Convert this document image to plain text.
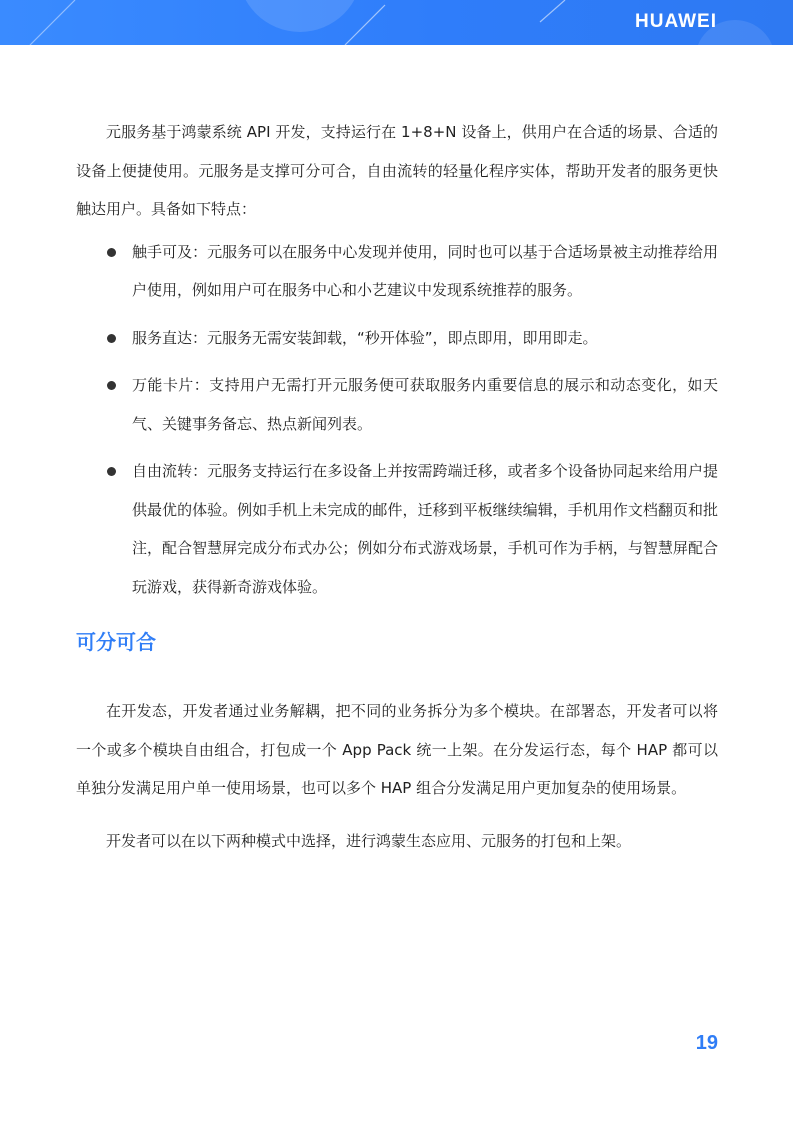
HUAWEI

元服务基于鸿蒙系统 API 开发，支持运行在 1+8+N 设备上，供用户在合适的场景、合适的设备上便捷使用。元服务是支撑可分可合，自由流转的轻量化程序实体，帮助开发者的服务更快触达用户。具备如下特点：

触手可及：元服务可以在服务中心发现并使用，同时也可以基于合适场景被主动推荐给用户使用，例如用户可在服务中心和小艺建议中发现系统推荐的服务。
服务直达：元服务无需安装卸载，“秒开体验”，即点即用，即用即走。
万能卡片：支持用户无需打开元服务便可获取服务内重要信息的展示和动态变化，如天气、关键事务备忘、热点新闻列表。
自由流转：元服务支持运行在多设备上并按需跨端迁移，或者多个设备协同起来给用户提供最优的体验。例如手机上未完成的邮件，迁移到平板继续编辑，手机用作文档翻页和批注，配合智慧屏完成分布式办公；例如分布式游戏场景，手机可作为手柄，与智慧屏配合玩游戏，获得新奇游戏体验。
可分可合

在开发态，开发者通过业务解耦，把不同的业务拆分为多个模块。在部署态，开发者可以将一个或多个模块自由组合，打包成一个 App Pack 统一上架。在分发运行态，每个 HAP 都可以单独分发满足用户单一使用场景，也可以多个 HAP 组合分发满足用户更加复杂的使用场景。

开发者可以在以下两种模式中选择，进行鸿蒙生态应用、元服务的打包和上架。

19
